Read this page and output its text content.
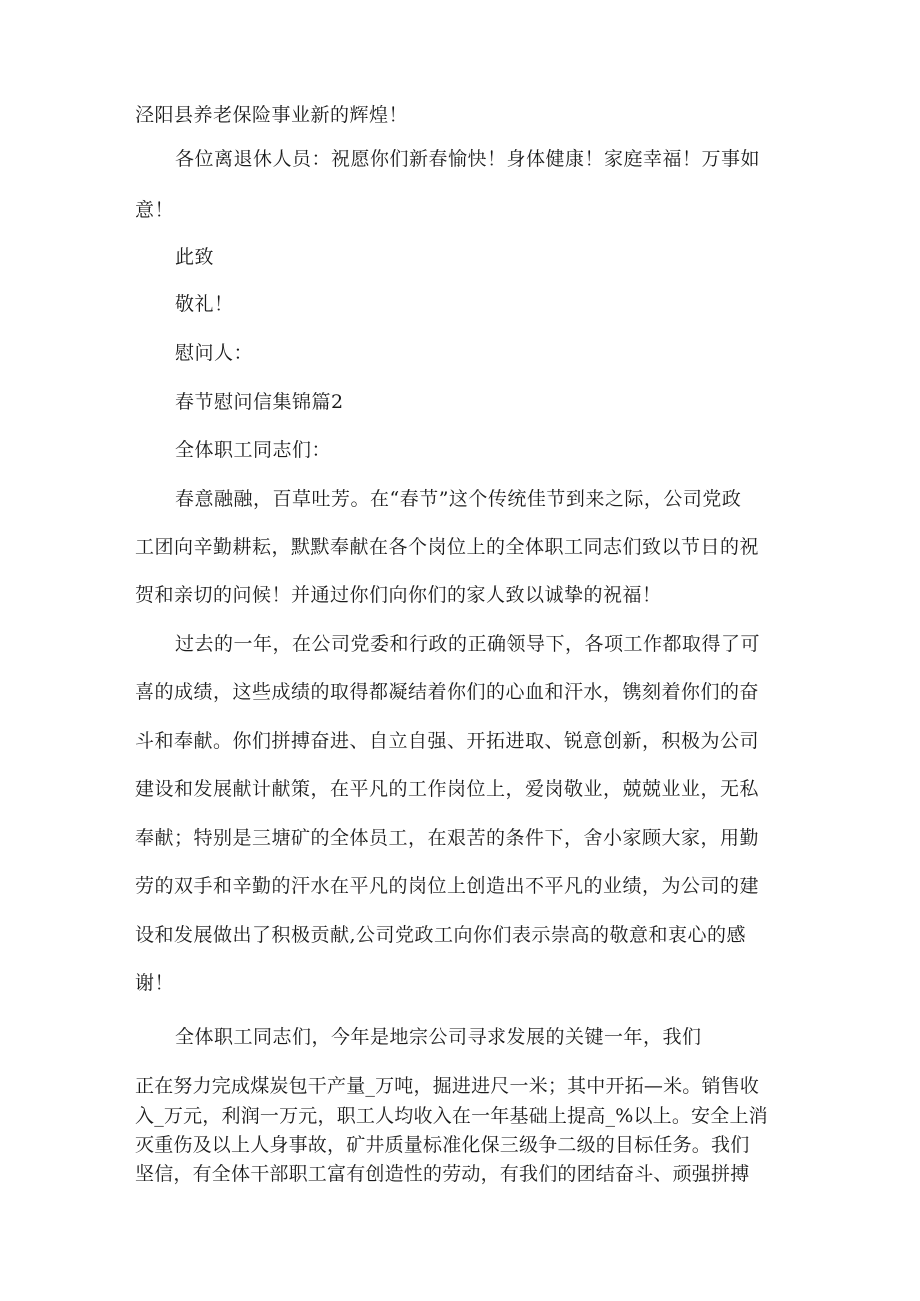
泾阳县养老保险事业新的辉煌！
各位离退休人员：祝愿你们新春愉快！身体健康！家庭幸福！万事如
意！
此致
敬礼！
慰问人：
春节慰问信集锦篇2
全体职工同志们：
春意融融，百草吐芳。在“春节”这个传统佳节到来之际，公司党政
工团向辛勤耕耘，默默奉献在各个岗位上的全体职工同志们致以节日的祝
贺和亲切的问候！并通过你们向你们的家人致以诚挚的祝福！
过去的一年，在公司党委和行政的正确领导下，各项工作都取得了可
喜的成绩，这些成绩的取得都凝结着你们的心血和汗水，镌刻着你们的奋
斗和奉献。你们拼搏奋进、自立自强、开拓进取、锐意创新，积极为公司
建设和发展献计献策，在平凡的工作岗位上，爱岗敬业，兢兢业业，无私
奉献；特别是三塘矿的全体员工，在艰苦的条件下，舍小家顾大家，用勤
劳的双手和辛勤的汗水在平凡的岗位上创造出不平凡的业绩，为公司的建
设和发展做出了积极贡献,公司党政工向你们表示崇高的敬意和衷心的感
谢！
全体职工同志们，今年是地宗公司寻求发展的关键一年，我们
正在努力完成煤炭包干产量_万吨，掘进进尺一米；其中开拓—米。销售收
入_万元，利润一万元，职工人均收入在一年基础上提高_%以上。安全上消
灭重伤及以上人身事故，矿井质量标准化保三级争二级的目标任务。我们
坚信，有全体干部职工富有创造性的劳动，有我们的团结奋斗、顽强拼搏
